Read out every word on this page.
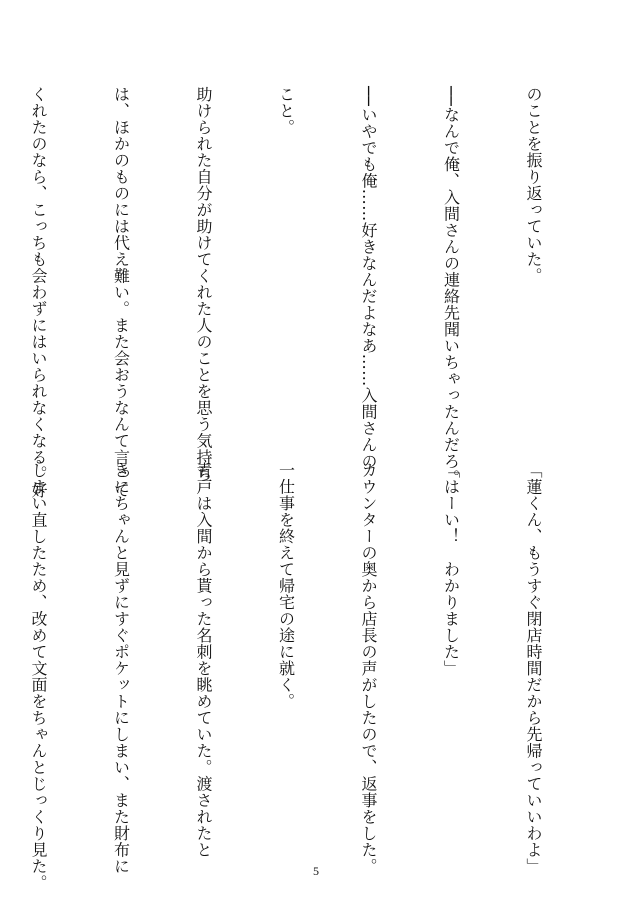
のことを振り返っていた。

──なんで俺、入間さんの連絡先聞いちゃったんだろ。

──いやでも俺……好きなんだよなあ……入間さんの

こと。

助けられた自分が助けてくれた人のことを思う気持ち

は、ほかのものには代え難い。また会おうなんて言って

くれたのなら、こっちも会わずにはいられなくなる。好

「蓮くん、もうすぐ閉店時間だから先帰っていいわよ」

「はーい！　わかりました」

カウンターの奥から店長の声がしたので、返事をした。

一仕事を終えて帰宅の途に就く。

青戸は入間から貰った名刺を眺めていた。渡されたと

きにちゃんと見ずにすぐポケットにしまい、また財布に

しまい直したため、改めて文面をちゃんとじっくり見た。

	5
